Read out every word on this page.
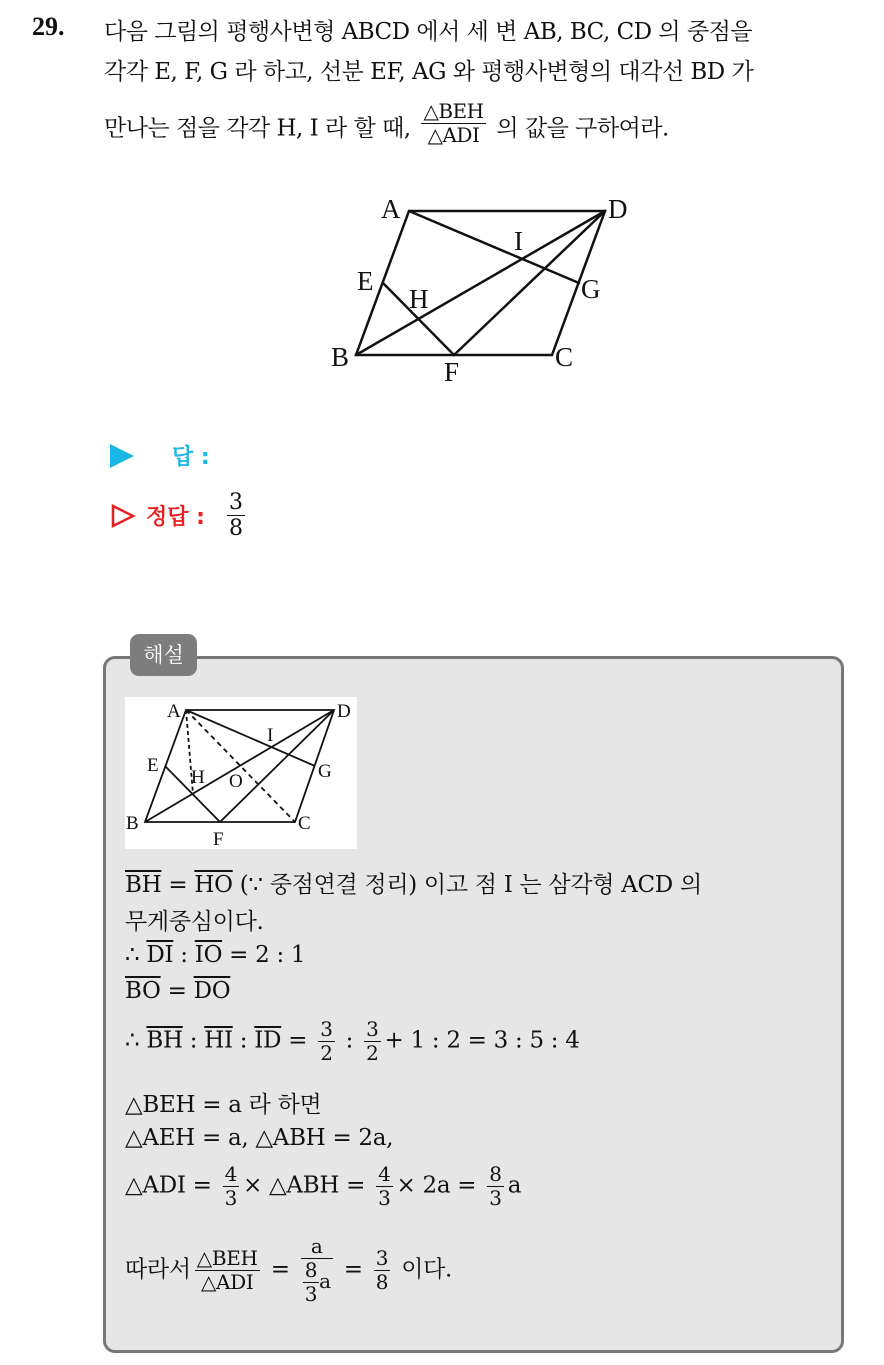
29. 다음 그림의 평행사변형 ABCD 에서 세 변 AB, BC, CD 의 중점을
각각 E, F, G 라 하고, 선분 EF, AG 와 평행사변형의 대각선 BD 가
만나는 점을 각각 H, I 라 할 때, $\frac{\text{△BEH}}{\text{△ADI}}$ 의 값을 구하여라.
A	D
I
E	G
H
B	C
F
답 :
정답 : $\frac{3}{8}$
해설
A	D
I
E
H O	G
B	C
F
$\overline{BH} = \overline{HO}$ (∵ 중점연결 정리) 이고 점 I 는 삼각형 ACD 의
무게중심이다.
∴ $\overline{DI}$ : $\overline{IO} = 2$ : 1
$\overline{BO} = \overline{DO}$
∴ $\overline{BH}$ : $\overline{HI}$ : $\overline{ID} = \frac{3}{2}$ : $\frac{3}{2} + 1$ : 2 = 3 : 5 : 4
△BEH = a 라 하면
△AEH = a, △ABH = 2a,
△ADI = $\frac{4}{3}$ × △ABH = $\frac{4}{3} \times 2a = \frac{8}{3}$ a
따라서 $\frac{\text{△BEH}}{\text{△ADI}} = \frac{a}{\frac{8}{3} a} = \frac{3}{8}$ 이다.
